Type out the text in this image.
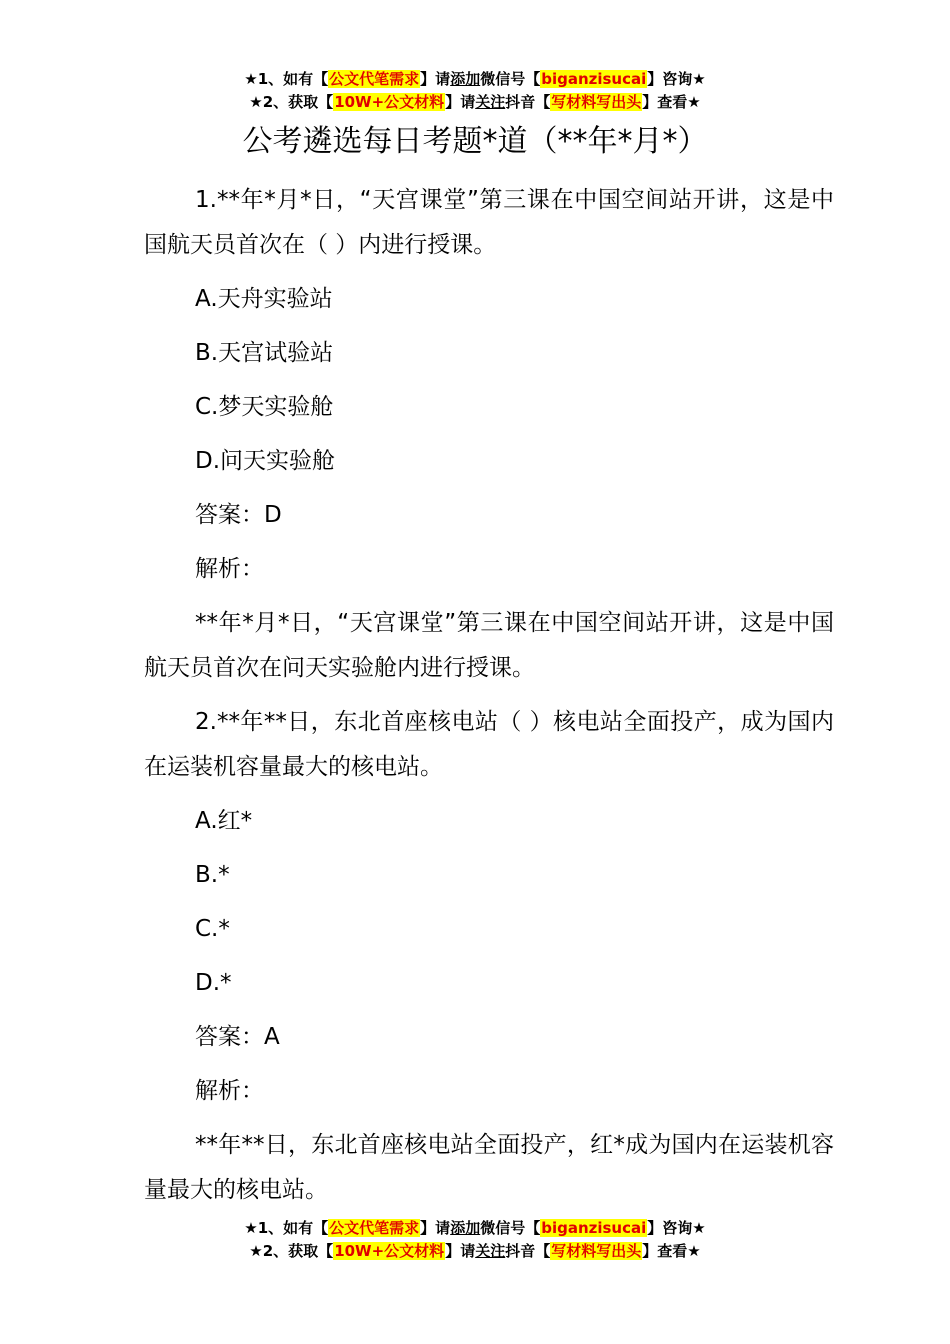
★1、如有【公文代笔需求】请添加微信号【biganzisucai】咨询★
★2、获取【10W+公文材料】请关注抖音【写材料写出头】查看★
公考遴选每日考题*道（**年*月*）

1.**年*月*日，“天宫课堂”第三课在中国空间站开讲，这是中国航天员首次在（ ）内进行授课。

A.天舟实验站

B.天宫试验站

C.梦天实验舱

D.问天实验舱

答案：D

解析：

**年*月*日，“天宫课堂”第三课在中国空间站开讲，这是中国航天员首次在问天实验舱内进行授课。

2.**年**日，东北首座核电站（ ）核电站全面投产，成为国内在运装机容量最大的核电站。

A.红*

B.*

C.*

D.*

答案：A

解析：

**年**日，东北首座核电站全面投产，红*成为国内在运装机容量最大的核电站。

★1、如有【公文代笔需求】请添加微信号【biganzisucai】咨询★
★2、获取【10W+公文材料】请关注抖音【写材料写出头】查看★
